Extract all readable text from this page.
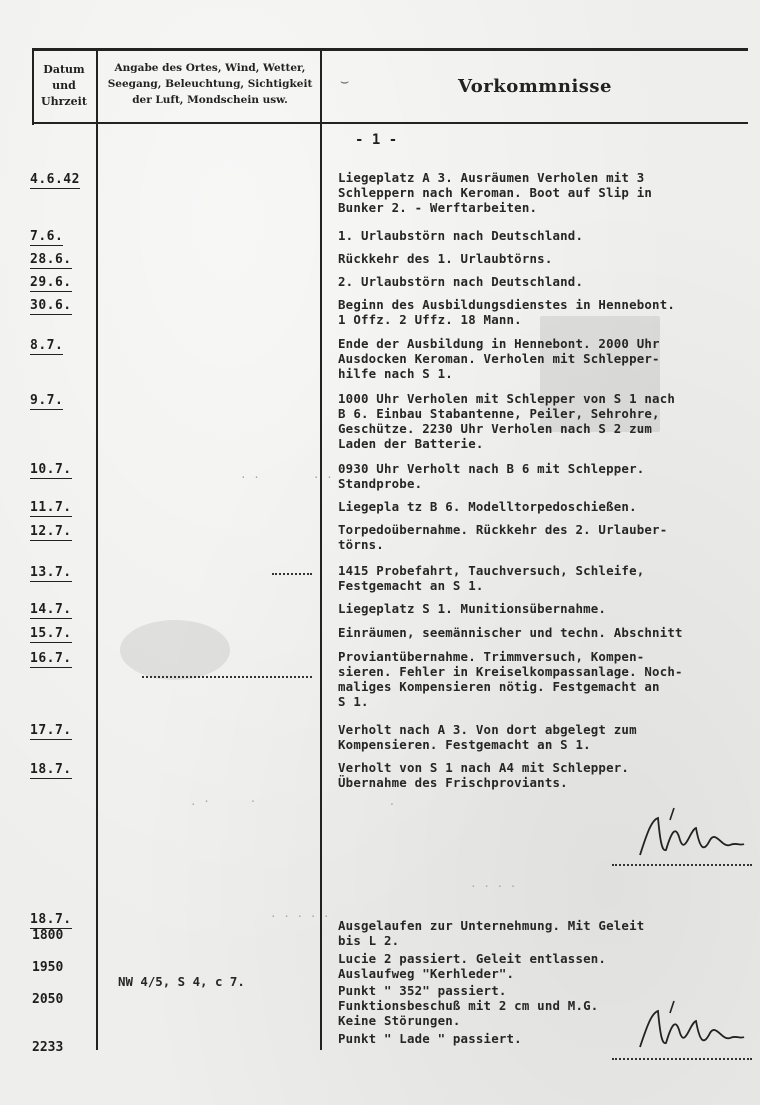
Datum
und
Uhrzeit
Angabe des Ortes, Wind, Wetter,
Seegang, Beleuchtung, Sichtigkeit
der Luft, Mondschein usw.
⌣	Vorkommnisse
- 1 -
. ·      ·                    .
. .        . .
· · · · ·
· · · ·
4.6.42
7.6.
28.6.
29.6.
30.6.
8.7.
9.7.
10.7.
11.7.
12.7.
13.7.
14.7.
15.7.
16.7.
17.7.
18.7.
Liegeplatz A 3. Ausräumen Verholen mit 3
Schleppern nach Keroman. Boot auf Slip in
Bunker 2. - Werftarbeiten.
1. Urlaubstörn nach Deutschland.
Rückkehr des 1. Urlaubtörns.
2. Urlaubstörn nach Deutschland.
Beginn des Ausbildungsdienstes in Hennebont.
1 Offz. 2 Uffz. 18 Mann.
Ende der Ausbildung in Hennebont. 2000 Uhr
Ausdocken Keroman. Verholen mit Schlepper-
hilfe nach S 1.
1000 Uhr Verholen mit Schlepper von S 1 nach
B 6. Einbau Stabantenne, Peiler, Sehrohre,
Geschütze. 2230 Uhr Verholen nach S 2 zum
Laden der Batterie.
0930 Uhr Verholt nach B 6 mit Schlepper.
Standprobe.
Liegepla tz B 6. Modelltorpedoschießen.
Torpedoübernahme. Rückkehr des 2. Urlauber-
törns.
1415 Probefahrt, Tauchversuch, Schleife,
Festgemacht an S 1.
Liegeplatz S 1. Munitionsübernahme.
Einräumen, seemännischer und techn. Abschnitt
Proviantübernahme. Trimmversuch, Kompen-
sieren. Fehler in Kreiselkompassanlage. Noch-
maliges Kompensieren nötig. Festgemacht an
S 1.
Verholt nach A 3. Von dort abgelegt zum
Kompensieren. Festgemacht an S 1.
Verholt von S 1 nach A4 mit Schlepper.
Übernahme des Frischproviants.
18.7.
1800
1950
2050
2233
NW 4/5, S 4, c 7.
Ausgelaufen zur Unternehmung. Mit Geleit
bis L 2.
Lucie 2 passiert. Geleit entlassen.
Auslaufweg "Kerhleder".
Punkt " 352" passiert.
Funktionsbeschuß mit 2 cm und M.G.
Keine Störungen.
Punkt " Lade " passiert.
